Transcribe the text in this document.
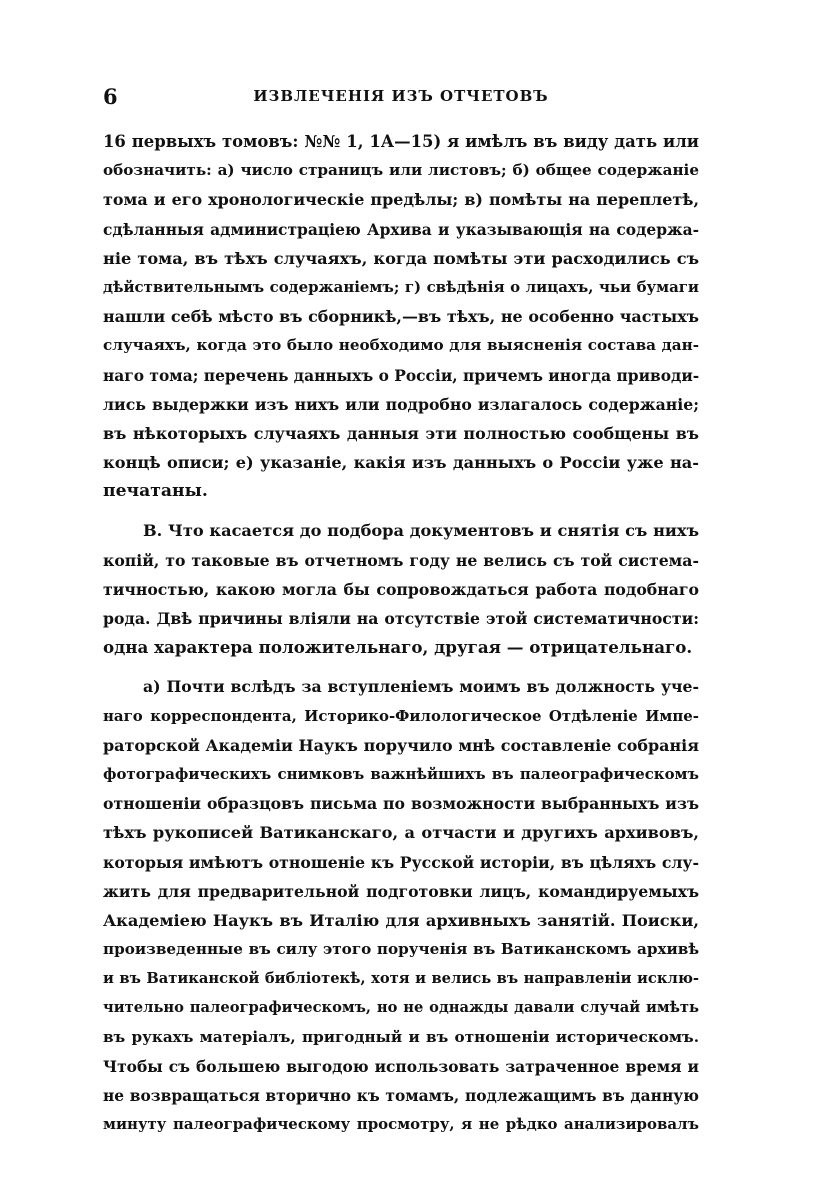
6	ИЗВЛЕЧЕНІЯ ИЗЪ ОТЧЕТОВЪ
16 первыхъ томовъ: №№ 1, 1А—15) я имѣлъ въ виду дать или
обозначить: а) число страницъ или листовъ; б) общее содержаніе
тома и его хронологическіе предѣлы; в) помѣты на переплетѣ,
сдѣланныя администраціею Архива и указывающія на содержа-
ніе тома, въ тѣхъ случаяхъ, когда помѣты эти расходились съ
дѣйствительнымъ содержаніемъ; г) свѣдѣнія о лицахъ, чьи бумаги
нашли себѣ мѣсто въ сборникѣ,—въ тѣхъ, не особенно частыхъ
случаяхъ, когда это было необходимо для выясненія состава дан-
наго тома; перечень данныхъ о Россіи, причемъ иногда приводи-
лись выдержки изъ нихъ или подробно излагалось содержаніе;
въ нѣкоторыхъ случаяхъ данныя эти полностью сообщены въ
концѣ описи; е) указаніе, какія изъ данныхъ о Россіи уже на-
печатаны.
В. Что касается до подбора документовъ и снятія съ нихъ
копій, то таковые въ отчетномъ году не велись съ той система-
тичностью, какою могла бы сопровождаться работа подобнаго
рода. Двѣ причины вліяли на отсутствіе этой систематичности:
одна характера положительнаго, другая — отрицательнаго.
а) Почти вслѣдъ за вступленіемъ моимъ въ должность уче-
наго корреспондента, Историко-Филологическое Отдѣленіе Импе-
раторской Академіи Наукъ поручило мнѣ составленіе собранія
фотографическихъ снимковъ важнѣйшихъ въ палеографическомъ
отношеніи образцовъ письма по возможности выбранныхъ изъ
тѣхъ рукописей Ватиканскаго, а отчасти и другихъ архивовъ,
которыя имѣютъ отношеніе къ Русской исторіи, въ цѣляхъ слу-
жить для предварительной подготовки лицъ, командируемыхъ
Академіею Наукъ въ Италію для архивныхъ занятій. Поиски,
произведенные въ силу этого порученія въ Ватиканскомъ архивѣ
и въ Ватиканской библіотекѣ, хотя и велись въ направленіи исклю-
чительно палеографическомъ, но не однажды давали случай имѣть
въ рукахъ матеріалъ, пригодный и въ отношеніи историческомъ.
Чтобы съ большею выгодою использовать затраченное время и
не возвращаться вторично къ томамъ, подлежащимъ въ данную
минуту палеографическому просмотру, я не рѣдко анализировалъ
